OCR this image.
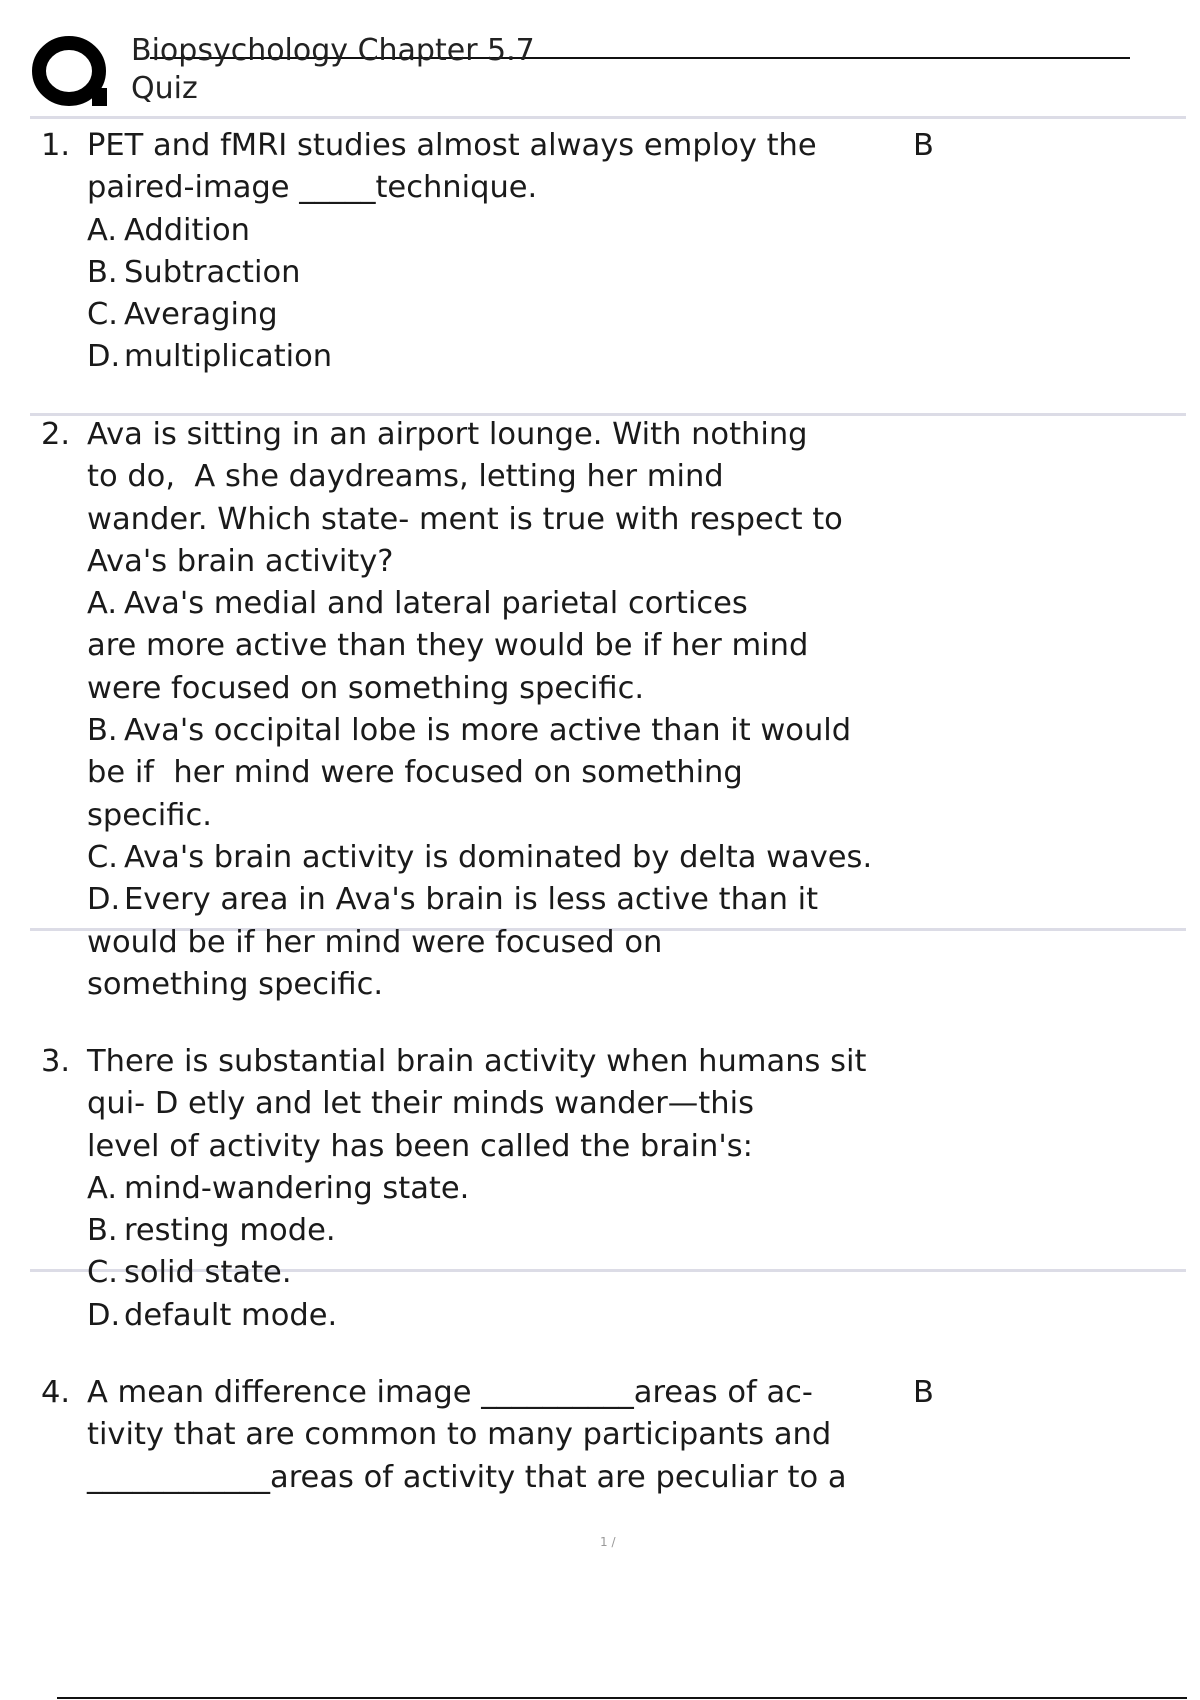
Biopsychology Chapter 5.7
Quiz
1.	B
PET and fMRI studies almost always employ the
paired-image _____technique.
A. Addition
B. Subtraction
C. Averaging
D. multiplication
2. Ava is sitting in an airport lounge. With nothing
to do,  A she daydreams, letting her mind
wander. Which state- ment is true with respect to
Ava's brain activity?
A. Ava's medial and lateral parietal cortices
are more active than they would be if her mind
were focused on something specific.
B. Ava's occipital lobe is more active than it would
be if  her mind were focused on something
specific.
C. Ava's brain activity is dominated by delta waves.
D. Every area in Ava's brain is less active than it
would be if her mind were focused on
something specific.
3. There is substantial brain activity when humans sit
qui- D etly and let their minds wander—this
level of activity has been called the brain's:
A. mind-wandering state.
B. resting mode.
C. solid state.
D. default mode.
4.	B
A mean difference image __________areas of ac-
tivity that are common to many participants and
____________areas of activity that are peculiar to a
1 /
